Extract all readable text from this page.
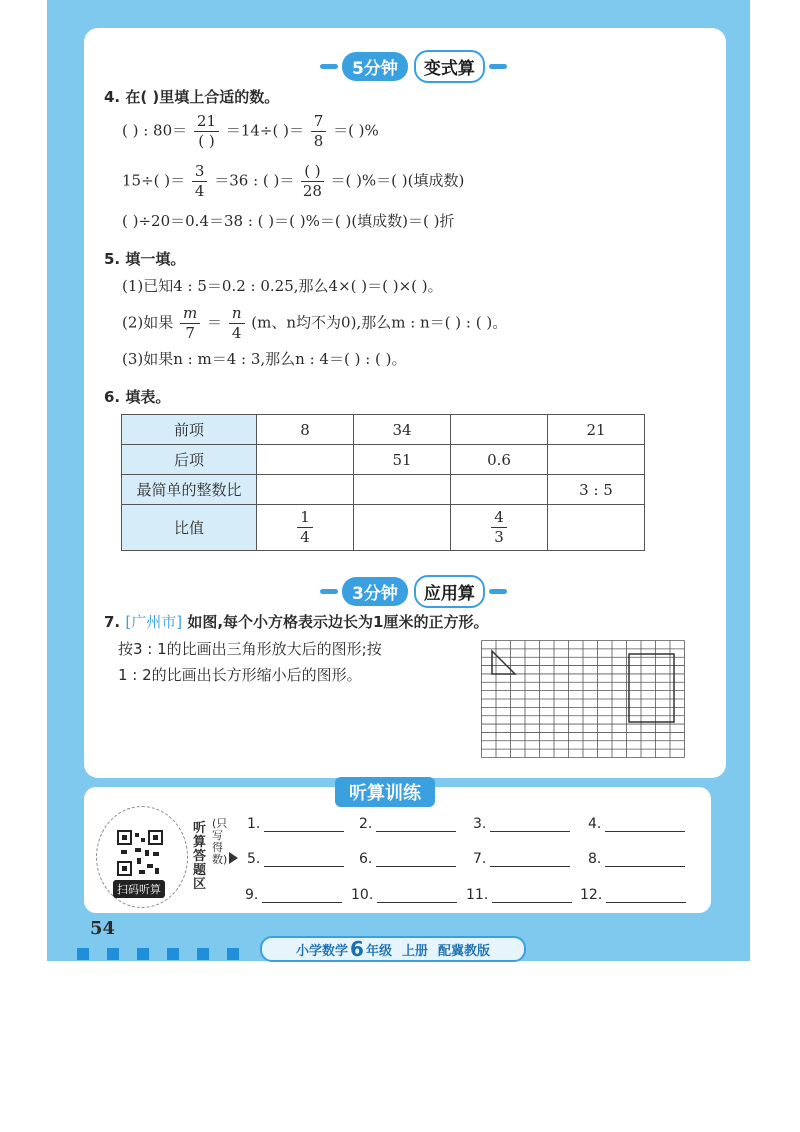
5分钟	变式算
4. 在( )里填上合适的数。
( ) : $80= \frac{21}{( )} =14\div$( )＝ $\frac{7}{8}$ ＝( )%
15÷( )＝ $\frac{3}{4} =36$ : ( )＝ $\frac{( )}{28}$ ＝( )%＝( )(填成数)
( )÷20＝0.4＝38 : ( )＝( )%＝( )(填成数)＝( )折
5. 填一填。
(1)已知4 : 5＝0.2 : 0.25,那么4×( )＝( )×( )。
(2)如果 $\frac{m}{7} = \frac{n}{4} (m$、n均不为0),那么m : n＝( ) : ( )。
(3)如果n : m＝4 : 3,那么n : 4＝( ) : ( )。
6. 填表。
前项	8	34		21
后项		51	0.6	
最简单的整数比				3 : 5
比值	$\frac{1}{4}$		$\frac{4}{3}$

3分钟	应用算
7. [广州市] 如图,每个小方格表示边长为1厘米的正方形。
按3 : 1的比画出三角形放大后的图形;按
1 : 2的比画出长方形缩小后的图形。
听算训练
扫码听算
听算答题区
(只写得数)
1.	2.	3.	4.
5.	6.	7.	8.
9.	10.	11.	12.
54
小学数学 6 年级 上册 配冀教版
